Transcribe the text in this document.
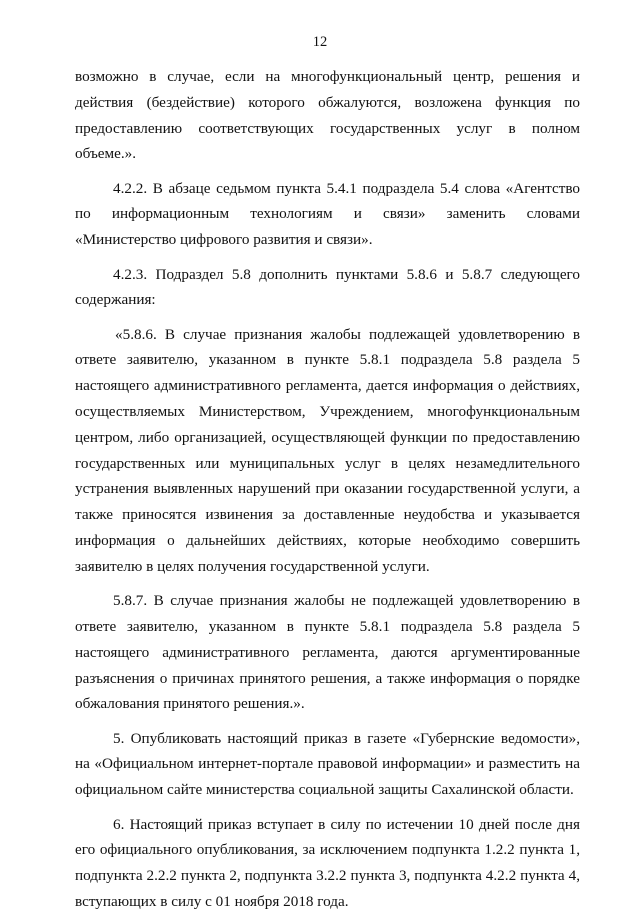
12

возможно в случае, если на многофункциональный центр, решения и действия (бездействие) которого обжалуются, возложена функция по предоставлению соответствующих государственных услуг в полном объеме.».

4.2.2. В абзаце седьмом пункта 5.4.1 подраздела 5.4 слова «Агентство по информационным технологиям и связи» заменить словами «Министерство цифрового развития и связи».

4.2.3. Подраздел 5.8 дополнить пунктами 5.8.6 и 5.8.7 следующего содержания:

«5.8.6. В случае признания жалобы подлежащей удовлетворению в ответе заявителю, указанном в пункте 5.8.1 подраздела 5.8 раздела 5 настоящего административного регламента, дается информация о действиях, осуществляемых Министерством, Учреждением, многофункциональным центром, либо организацией, осуществляющей функции по предоставлению государственных или муниципальных услуг в целях незамедлительного устранения выявленных нарушений при оказании государственной услуги, а также приносятся извинения за доставленные неудобства и указывается информация о дальнейших действиях, которые необходимо совершить заявителю в целях получения государственной услуги.

5.8.7. В случае признания жалобы не подлежащей удовлетворению в ответе заявителю, указанном в пункте 5.8.1 подраздела 5.8 раздела 5 настоящего административного регламента, даются аргументированные разъяснения о причинах принятого решения, а также информация о порядке обжалования принятого решения.».

5. Опубликовать настоящий приказ в газете «Губернские ведомости», на «Официальном интернет-портале правовой информации» и разместить на официальном сайте министерства социальной защиты Сахалинской области.

6. Настоящий приказ вступает в силу по истечении 10 дней после дня его официального опубликования, за исключением подпункта 1.2.2 пункта 1, подпункта 2.2.2 пункта 2, подпункта 3.2.2 пункта 3, подпункта 4.2.2 пункта 4, вступающих в силу с 01 ноября 2018 года.
